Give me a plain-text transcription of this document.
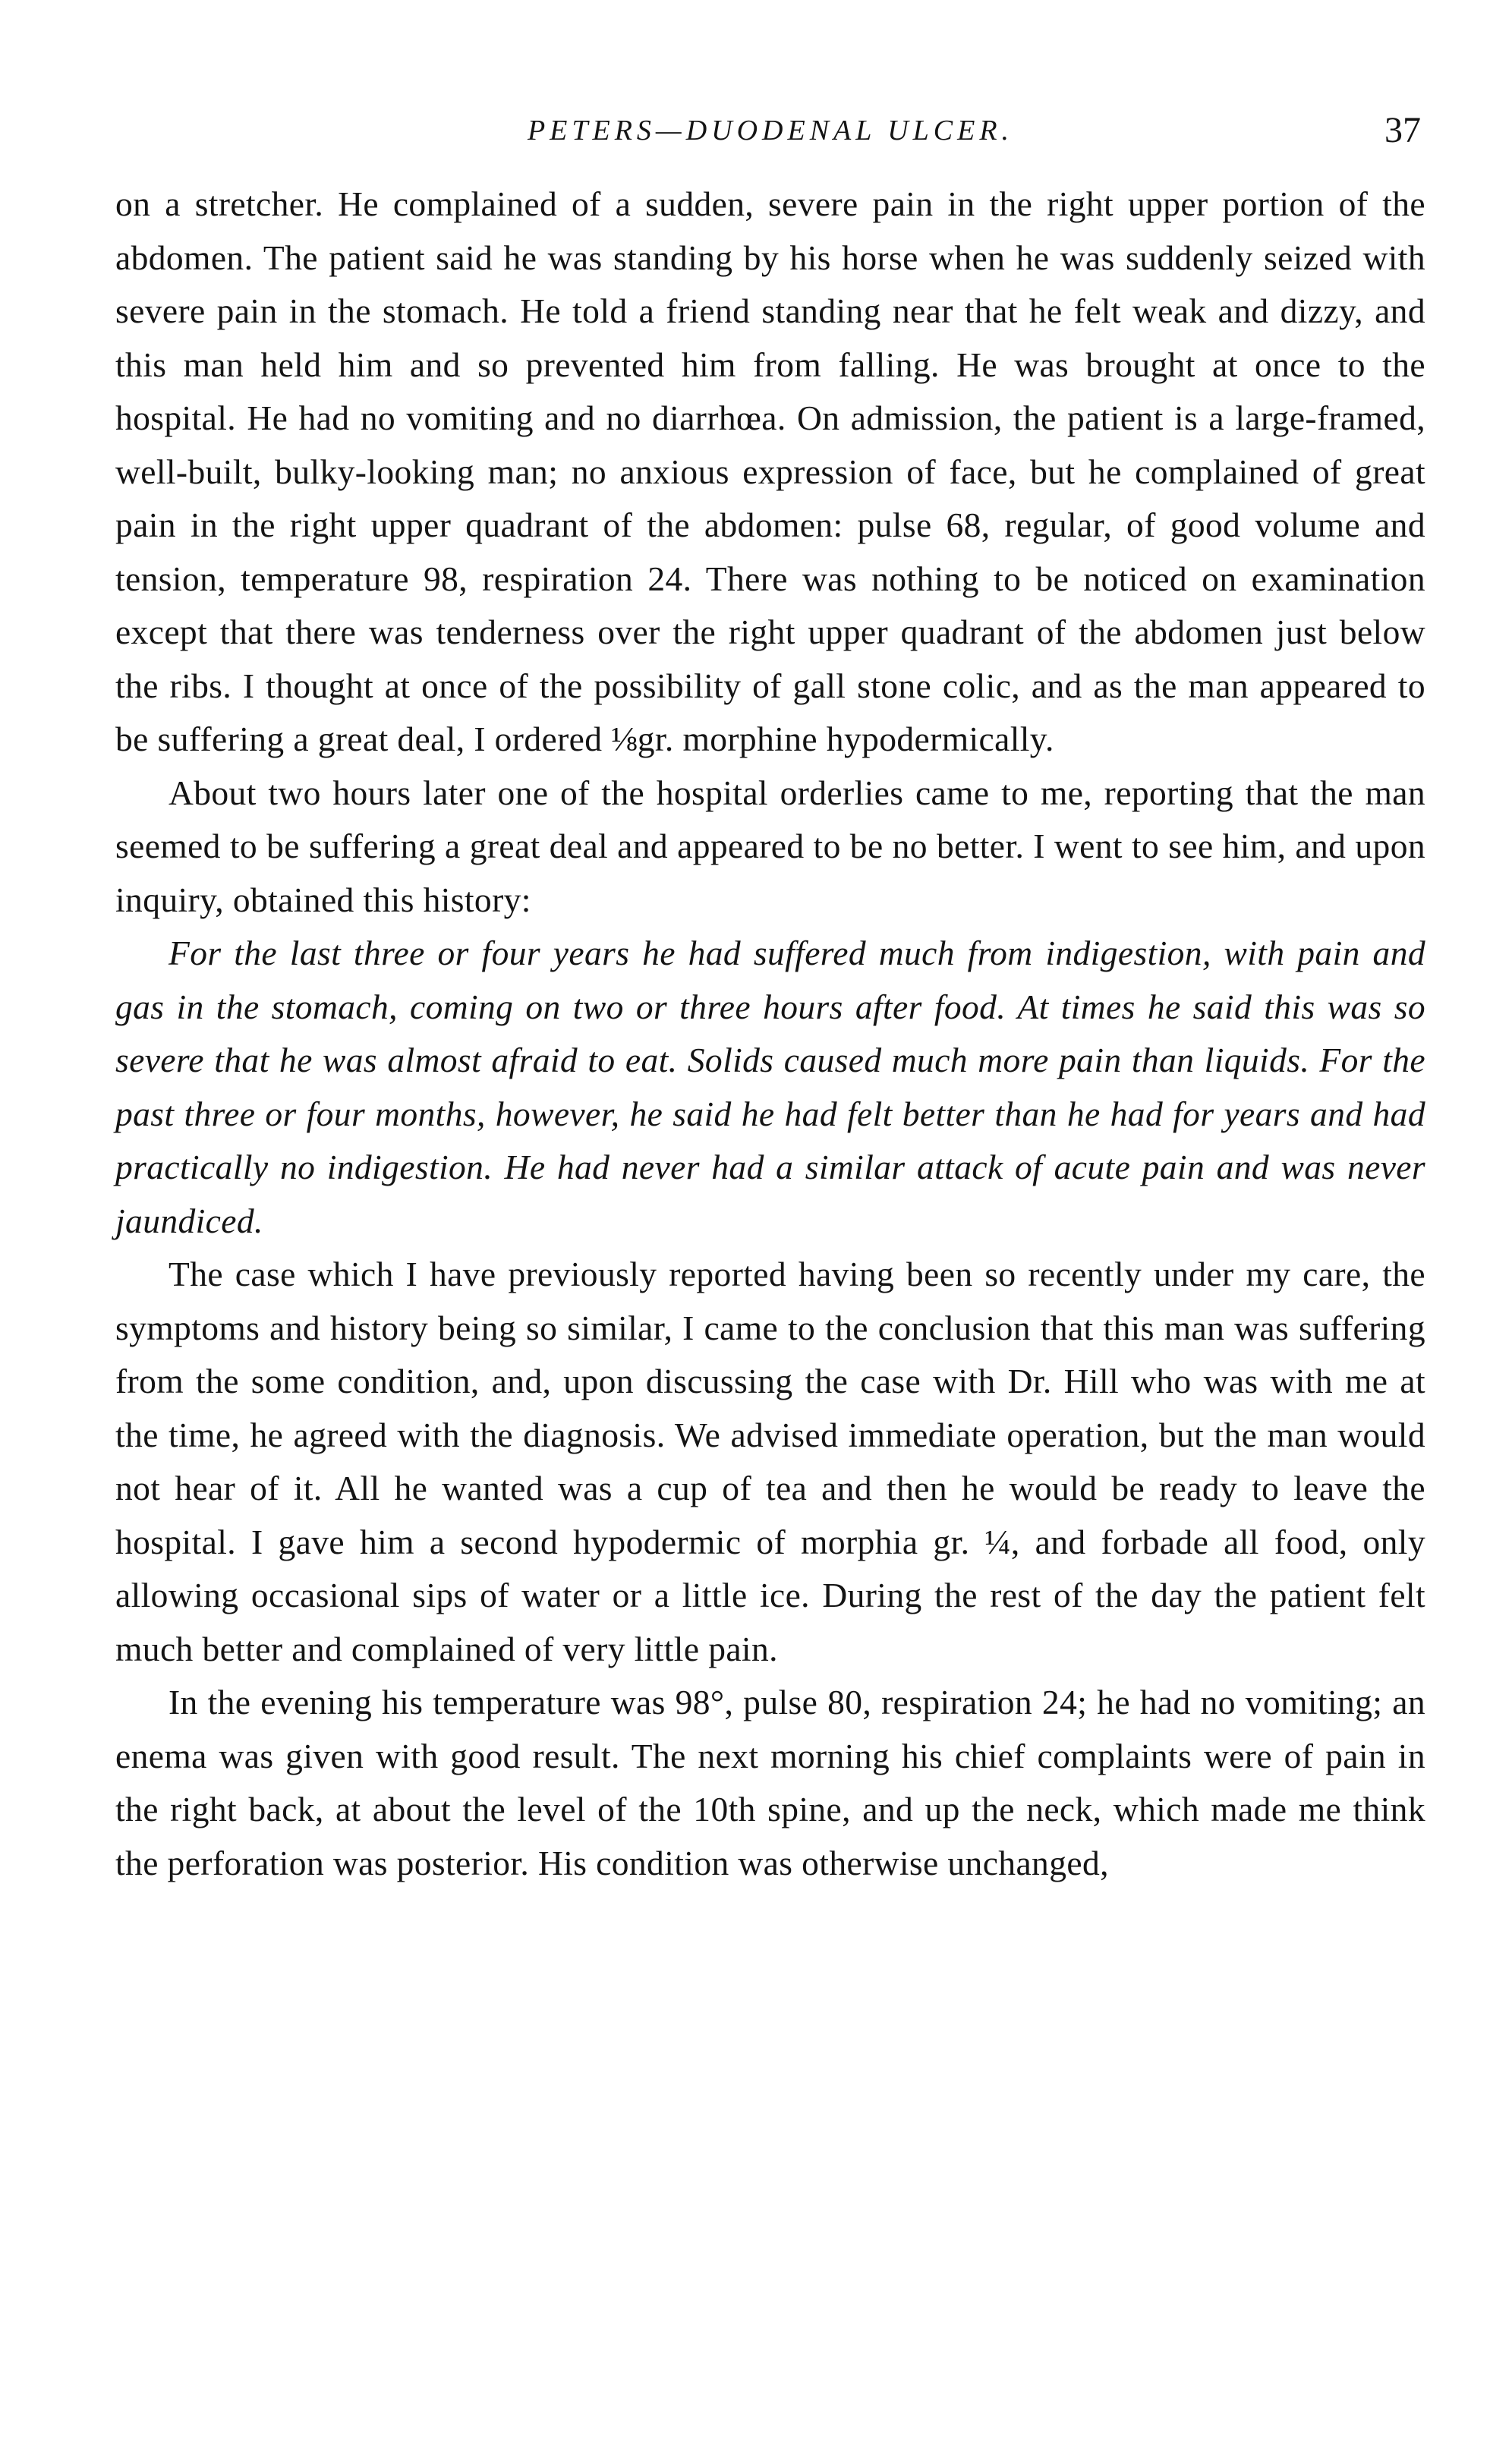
PETERS—DUODENAL ULCER.	37

on a stretcher. He complained of a sudden, severe pain in the right upper portion of the abdomen. The patient said he was standing by his horse when he was suddenly seized with severe pain in the stomach. He told a friend standing near that he felt weak and dizzy, and this man held him and so prevented him from falling. He was brought at once to the hospital. He had no vomiting and no diarrhœa. On admission, the patient is a large-framed, well-built, bulky-looking man; no anxious expression of face, but he complained of great pain in the right upper quadrant of the abdomen: pulse 68, regular, of good volume and tension, temperature 98, respiration 24. There was nothing to be noticed on examination except that there was tenderness over the right upper quadrant of the abdomen just below the ribs. I thought at once of the possibility of gall stone colic, and as the man appeared to be suffering a great deal, I ordered ⅛gr. morphine hypodermically.

About two hours later one of the hospital orderlies came to me, reporting that the man seemed to be suffering a great deal and appeared to be no better. I went to see him, and upon inquiry, obtained this history:

For the last three or four years he had suffered much from indigestion, with pain and gas in the stomach, coming on two or three hours after food. At times he said this was so severe that he was almost afraid to eat. Solids caused much more pain than liquids. For the past three or four months, however, he said he had felt better than he had for years and had practically no indigestion. He had never had a similar attack of acute pain and was never jaundiced.

The case which I have previously reported having been so recently under my care, the symptoms and history being so similar, I came to the conclusion that this man was suffering from the some condition, and, upon discussing the case with Dr. Hill who was with me at the time, he agreed with the diagnosis. We advised immediate operation, but the man would not hear of it. All he wanted was a cup of tea and then he would be ready to leave the hospital. I gave him a second hypodermic of morphia gr. ¼, and forbade all food, only allowing occasional sips of water or a little ice. During the rest of the day the patient felt much better and complained of very little pain.

In the evening his temperature was 98°, pulse 80, respiration 24; he had no vomiting; an enema was given with good result. The next morning his chief complaints were of pain in the right back, at about the level of the 10th spine, and up the neck, which made me think the perforation was posterior. His condition was otherwise unchanged,
